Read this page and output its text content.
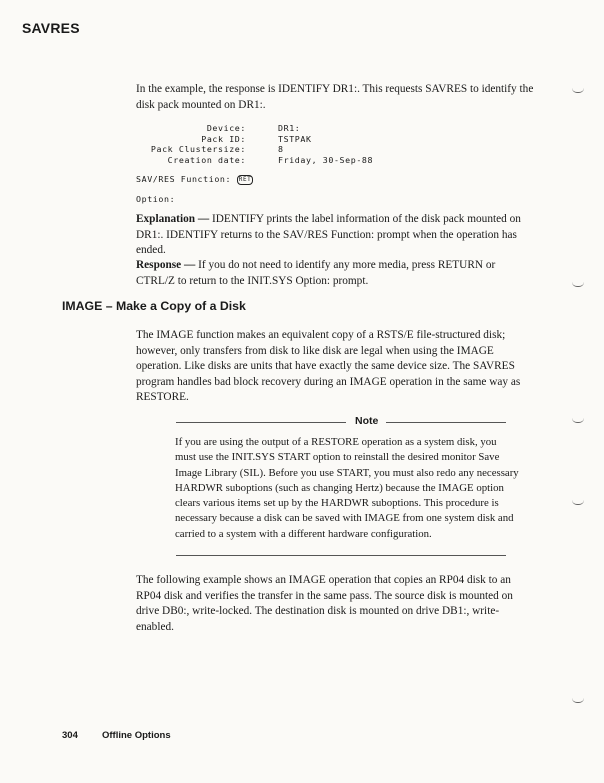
SAVRES
In the example, the response is IDENTIFY DR1:. This requests SAVRES to identify the disk pack mounted on DR1:.
Device:	DR1:
Pack ID:	TSTPAK
Pack Clustersize:	8
Creation date:	Friday, 30-Sep-88
SAV/RES Function: RET
Option:
Explanation — IDENTIFY prints the label information of the disk pack mounted on DR1:. IDENTIFY returns to the SAV/RES Function: prompt when the operation has ended.
Response — If you do not need to identify any more media, press RETURN or CTRL/Z to return to the INIT.SYS Option: prompt.
IMAGE – Make a Copy of a Disk
The IMAGE function makes an equivalent copy of a RSTS/E file-structured disk; however, only transfers from disk to like disk are legal when using the IMAGE operation. Like disks are units that have exactly the same device size. The SAVRES program handles bad block recovery during an IMAGE operation in the same way as RESTORE.
Note
If you are using the output of a RESTORE operation as a system disk, you must use the INIT.SYS START option to reinstall the desired monitor Save Image Library (SIL). Before you use START, you must also redo any necessary HARDWR suboptions (such as changing Hertz) because the IMAGE option clears various items set up by the HARDWR suboptions. This procedure is necessary because a disk can be saved with IMAGE from one system disk and carried to a system with a different hardware configuration.
The following example shows an IMAGE operation that copies an RP04 disk to an RP04 disk and verifies the transfer in the same pass. The source disk is mounted on drive DB0:, write-locked. The destination disk is mounted on drive DB1:, write-enabled.
304	Offline Options
